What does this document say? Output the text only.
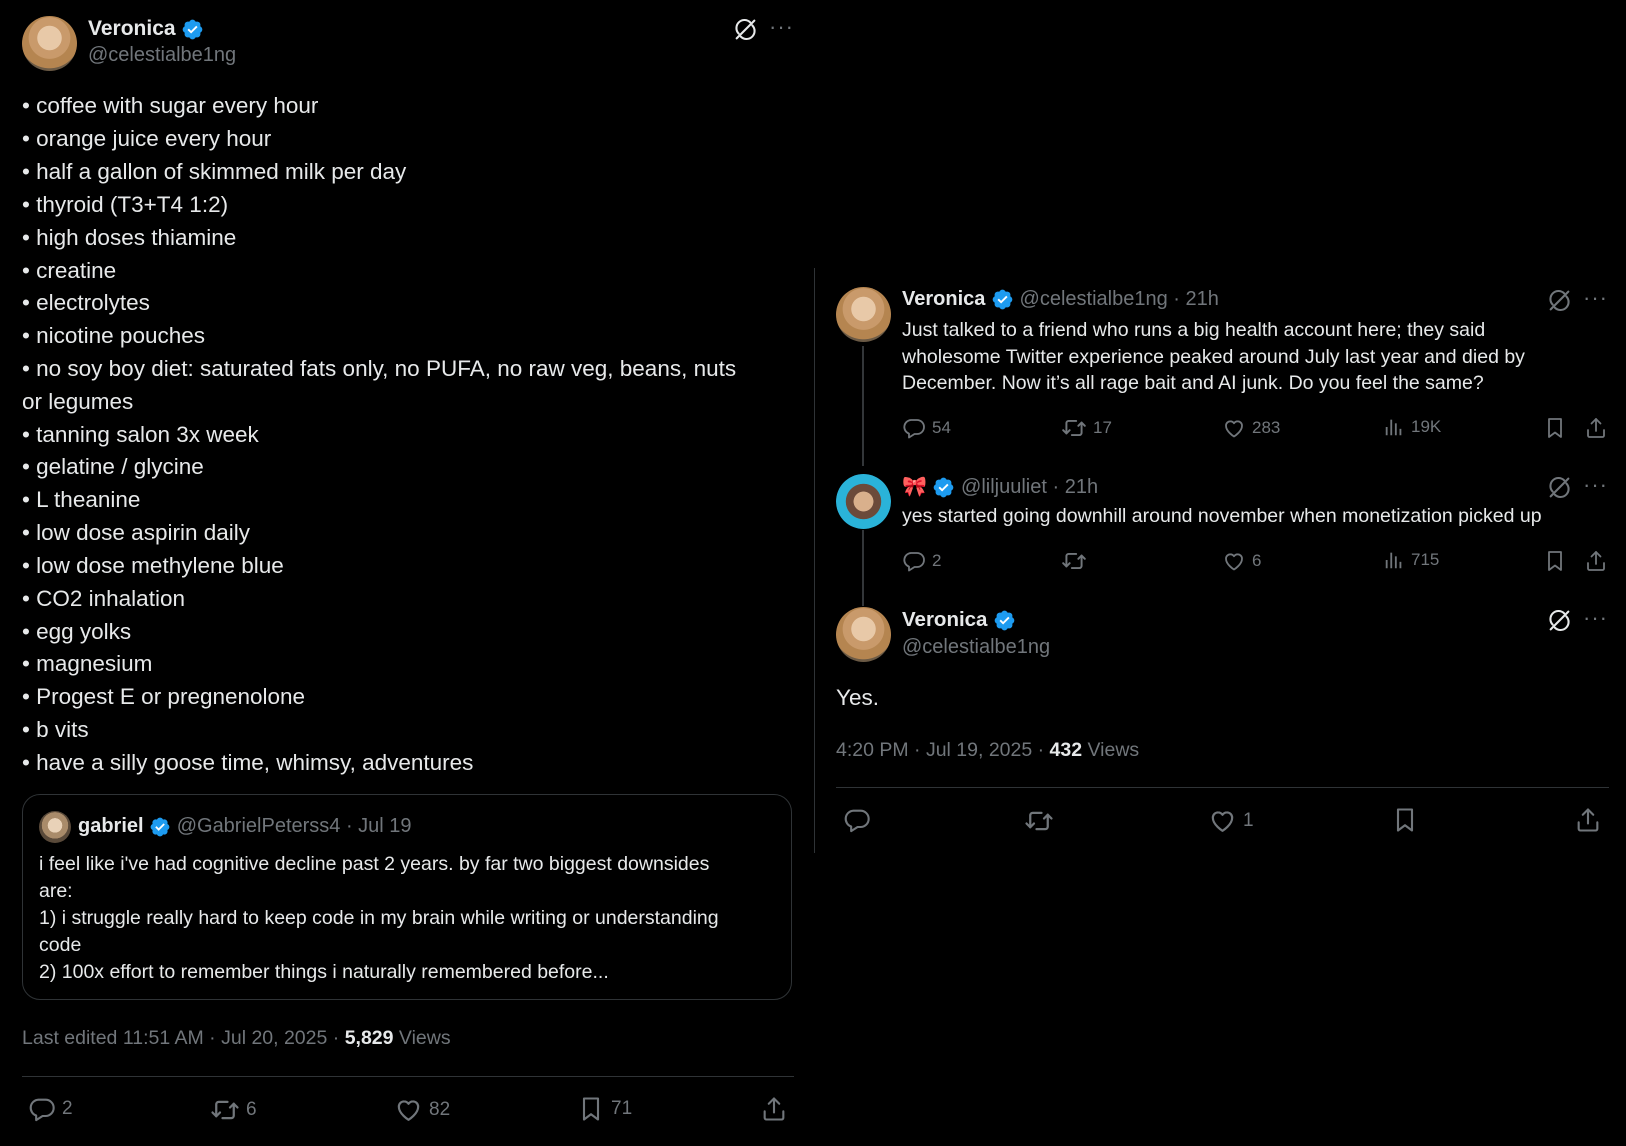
Veronica
@celestialbe1ng
···
• coffee with sugar every hour
• orange juice every hour
• half a gallon of skimmed milk per day
• thyroid (T3+T4 1:2)
• high doses thiamine
• creatine
• electrolytes
• nicotine pouches
• no soy boy diet: saturated fats only, no PUFA, no raw veg, beans, nuts
or legumes
• tanning salon 3x week
• gelatine / glycine
• L theanine
• low dose aspirin daily
• low dose methylene blue
• CO2 inhalation
• egg yolks
• magnesium
• Progest E or pregnenolone
• b vits
• have a silly goose time, whimsy, adventures
gabriel @GabrielPeterss4 · Jul 19
i feel like i've had cognitive decline past 2 years. by far two biggest downsides
are:
1) i struggle really hard to keep code in my brain while writing or understanding
code
2) 100x effort to remember things i naturally remembered before...
Last edited 11:51 AM · Jul 20, 2025 · 5,829 Views
2	6	82	71
Veronica @celestialbe1ng · 21h	···
Just talked to a friend who runs a big health account here; they said
wholesome Twitter experience peaked around July last year and died by
December. Now it’s all rage bait and AI junk. Do you feel the same?
54	17	283	19K
🎀 @liljuuliet · 21h	···
yes started going downhill around november when monetization picked up
2	6	715
Veronica
@celestialbe1ng
···
Yes.
4:20 PM · Jul 19, 2025 · 432 Views
1
